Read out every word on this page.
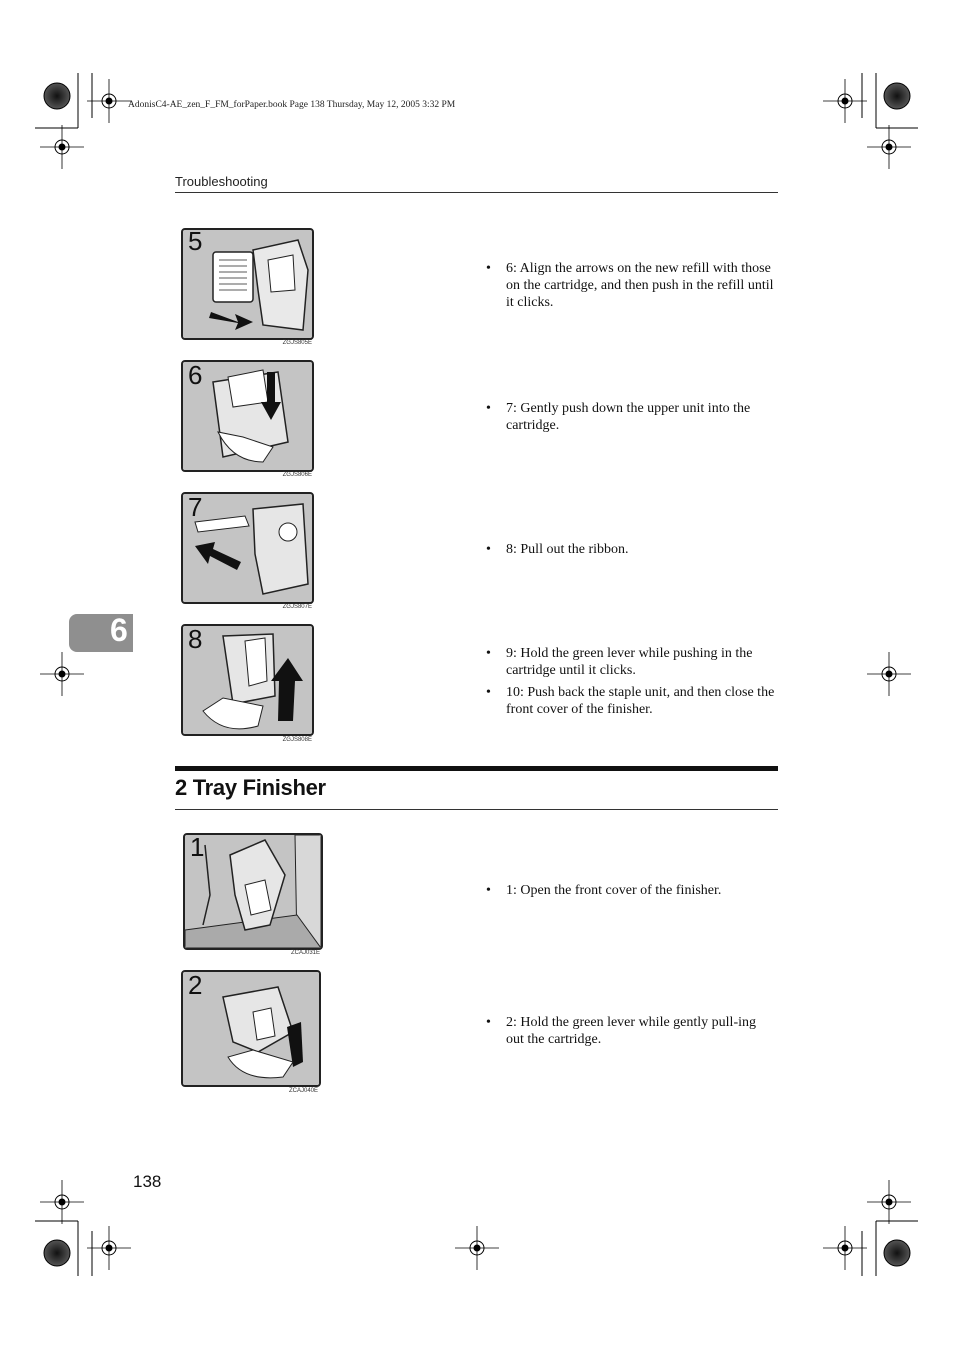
AdonisC4-AE_zen_F_FM_forPaper.book Page 138 Thursday, May 12, 2005 3:32 PM
Troubleshooting
6
5
ZGJS805E
6
ZGJS806E
7
ZGJS807E
8
ZGJS808E
• 6: Align the arrows on the new refill with those on the cartridge, and then push in the refill until it clicks.
• 7: Gently push down the upper unit into the cartridge.
• 8: Pull out the ribbon.
• 9: Hold the green lever while pushing in the cartridge until it clicks.
• 10: Push back the staple unit, and then close the front cover of the finisher.
2 Tray Finisher
1
ZCAJ031E
2
ZCAJ040E
• 1: Open the front cover of the finisher.
• 2: Hold the green lever while gently pull-ing out the cartridge.
138
